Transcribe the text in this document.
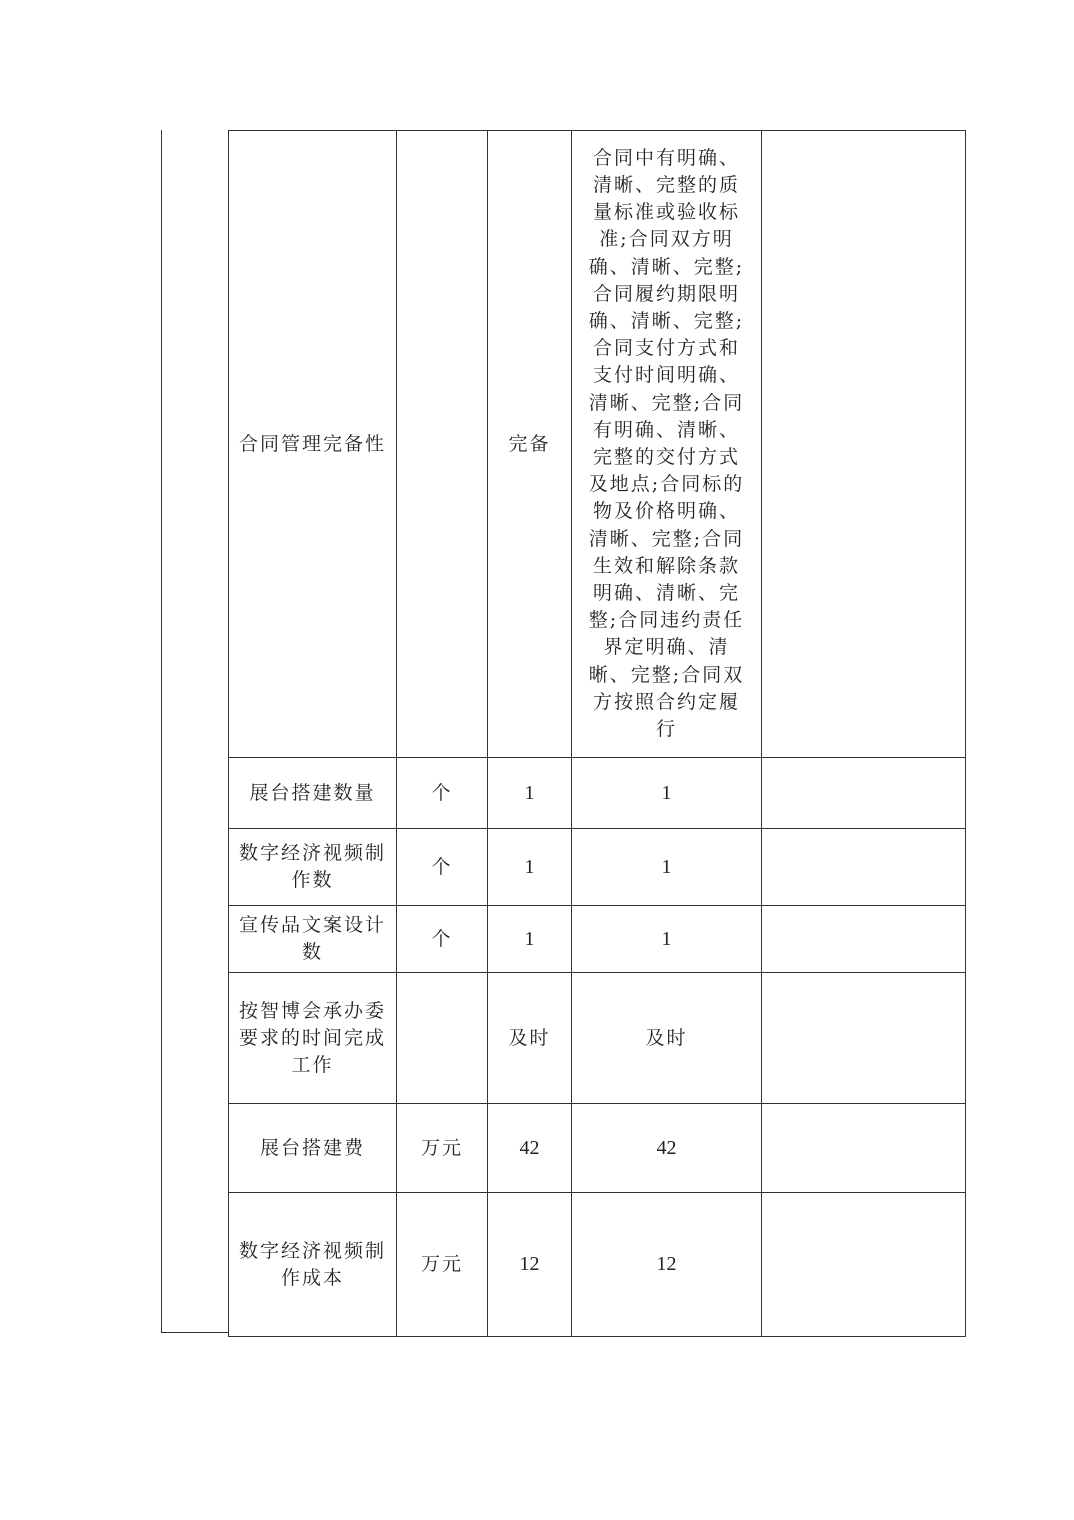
合同管理完备性		完备	合同中有明确、清晰、完整的质量标准或验收标准;合同双方明确、清晰、完整;合同履约期限明确、清晰、完整;合同支付方式和支付时间明确、清晰、完整;合同有明确、清晰、完整的交付方式及地点;合同标的物及价格明确、清晰、完整;合同生效和解除条款明确、清晰、完整;合同违约责任界定明确、清晰、完整;合同双方按照合约定履行	
展台搭建数量	个	1	1	
数字经济视频制作数	个	1	1	
宣传品文案设计数	个	1	1	
按智博会承办委要求的时间完成工作		及时	及时	
展台搭建费	万元	42	42	
数字经济视频制作成本	万元	12	12	
